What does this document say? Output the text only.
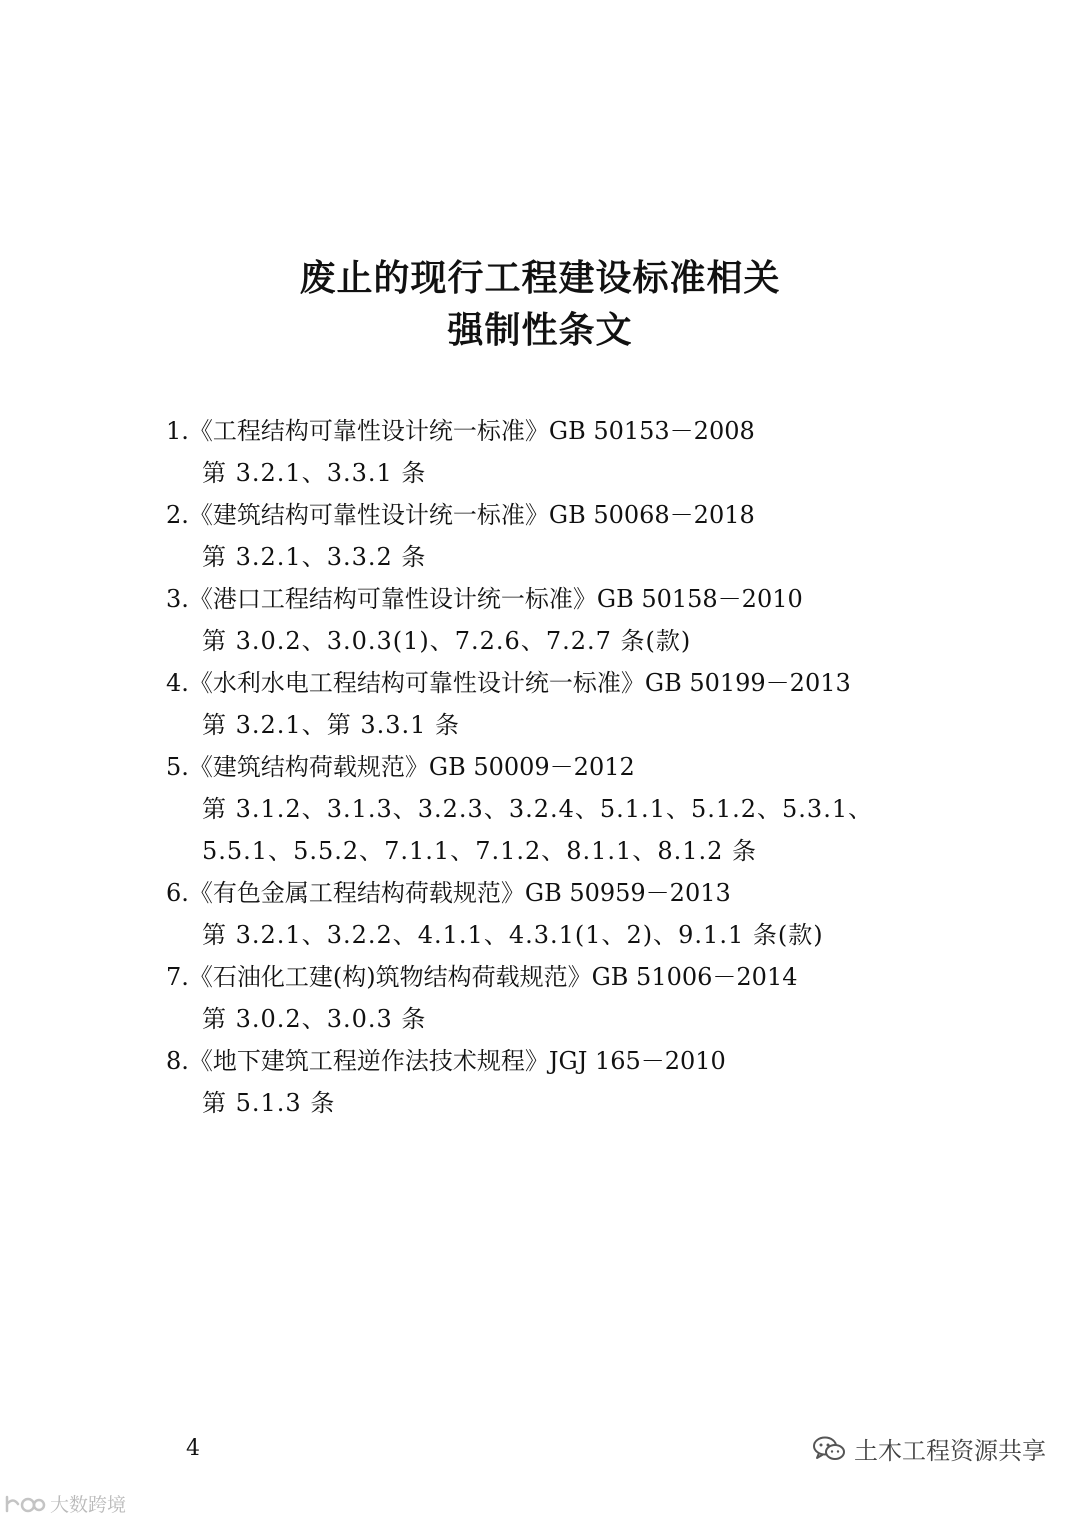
废止的现行工程建设标准相关
强制性条文
1.《工程结构可靠性设计统一标准》GB 50153－2008
第 3.2.1、3.3.1 条
2.《建筑结构可靠性设计统一标准》GB 50068－2018
第 3.2.1、3.3.2 条
3.《港口工程结构可靠性设计统一标准》GB 50158－2010
第 3.0.2、3.0.3(1)、7.2.6、7.2.7 条(款)
4.《水利水电工程结构可靠性设计统一标准》GB 50199－2013
第 3.2.1、第 3.3.1 条
5.《建筑结构荷载规范》GB 50009－2012
第 3.1.2、3.1.3、3.2.3、3.2.4、5.1.1、5.1.2、5.3.1、
5.5.1、5.5.2、7.1.1、7.1.2、8.1.1、8.1.2 条
6.《有色金属工程结构荷载规范》GB 50959－2013
第 3.2.1、3.2.2、4.1.1、4.3.1(1、2)、9.1.1 条(款)
7.《石油化工建(构)筑物结构荷载规范》GB 51006－2014
第 3.0.2、3.0.3 条
8.《地下建筑工程逆作法技术规程》JGJ 165－2010
第 5.1.3 条
4
大数跨境
土木工程资源共享
